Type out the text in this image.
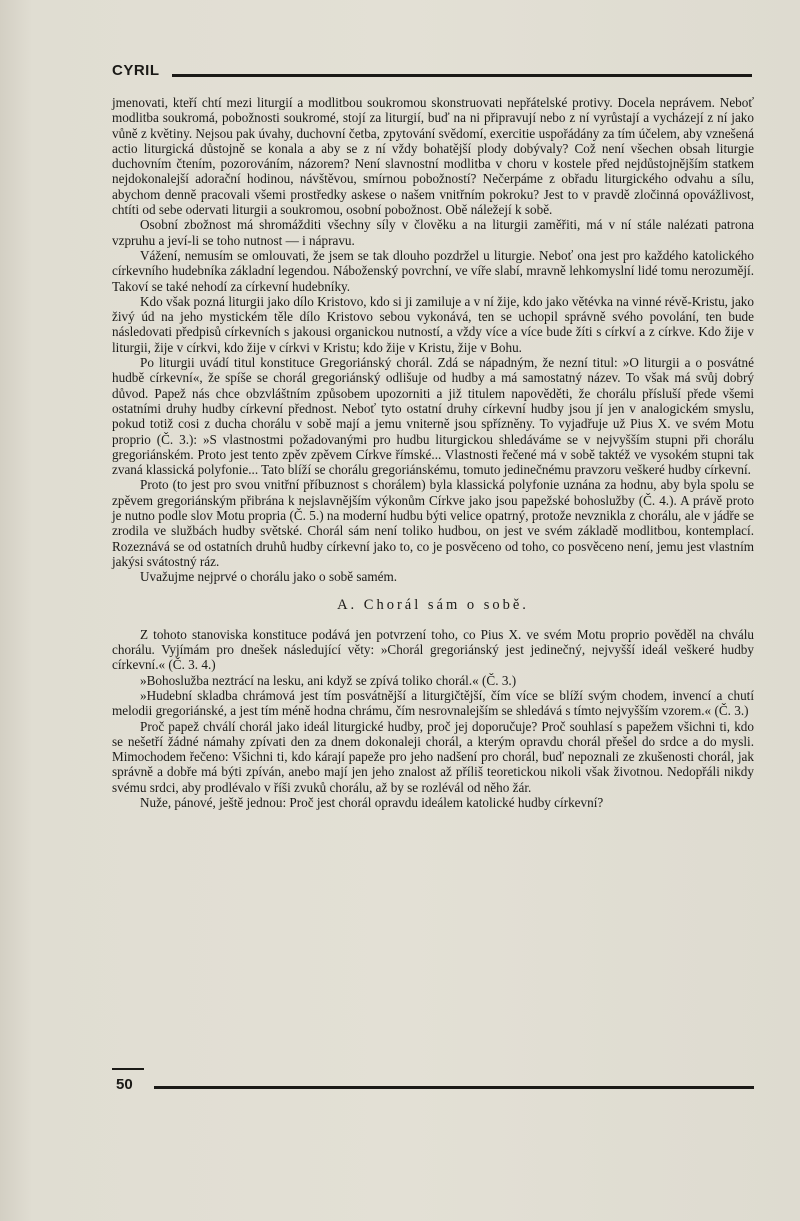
CYRIL

jmenovati, kteří chtí mezi liturgií a modlitbou soukromou skonstruovati nepřátelské protivy. Docela neprávem. Neboť modlitba soukromá, pobožnosti soukromé, stojí za liturgií, buď na ni připravují nebo z ní vyrůstají a vycházejí z ní jako vůně z květiny. Nejsou pak úvahy, duchovní četba, zpytování svědomí, exercitie uspořádány za tím účelem, aby vznešená actio liturgická důstojně se konala a aby se z ní vždy bohatější plody dobývaly? Což není všechen obsah liturgie duchovním čtením, pozorováním, názorem? Není slavnostní modlitba v choru v kostele před nejdůstojnějším statkem nejdokonalejší adorační hodinou, návštěvou, smírnou pobožností? Nečerpáme z obřadu liturgického odvahu a sílu, abychom denně pracovali všemi prostředky askese o našem vnitřním pokroku? Jest to v pravdě zločinná opovážlivost, chtíti od sebe odervati liturgii a soukromou, osobní pobožnost. Obě náležejí k sobě.

Osobní zbožnost má shromážditi všechny síly v člověku a na liturgii zaměřiti, má v ní stále nalézati patrona vzpruhu a jeví-li se toho nutnost — i nápravu.

Vážení, nemusím se omlouvati, že jsem se tak dlouho pozdržel u liturgie. Neboť ona jest pro každého katolického církevního hudebníka základní legendou. Náboženský povrchní, ve víře slabí, mravně lehkomyslní lidé tomu nerozumějí. Takoví se také nehodí za církevní hudebníky.

Kdo však pozná liturgii jako dílo Kristovo, kdo si ji zamiluje a v ní žije, kdo jako větévka na vinné révě-Kristu, jako živý úd na jeho mystickém těle dílo Kristovo sebou vykonává, ten se uchopil správně svého povolání, ten bude následovati předpisů církevních s jakousi organickou nutností, a vždy více a více bude žíti s církví a z církve. Kdo žije v liturgii, žije v církvi, kdo žije v církvi v Kristu; kdo žije v Kristu, žije v Bohu.

Po liturgii uvádí titul konstituce Gregoriánský chorál. Zdá se nápadným, že nezní titul: »O liturgii a o posvátné hudbě církevní«, že spíše se chorál gregoriánský odlišuje od hudby a má samostatný název. To však má svůj dobrý důvod. Papež nás chce obzvláštním způsobem upozorniti a již titulem napověděti, že chorálu přísluší přede všemi ostatními druhy hudby církevní přednost. Neboť tyto ostatní druhy církevní hudby jsou jí jen v analogickém smyslu, pokud totiž cosi z ducha chorálu v sobě mají a jemu vniterně jsou spřízněny. To vyjadřuje už Pius X. ve svém Motu proprio (Č. 3.): »S vlastnostmi požadovanými pro hudbu liturgickou shledáváme se v nejvyšším stupni při chorálu gregoriánském. Proto jest tento zpěv zpěvem Církve římské... Vlastnosti řečené má v sobě taktéž ve vysokém stupni tak zvaná klassická polyfonie... Tato blíží se chorálu gregoriánskému, tomuto jedinečnému pravzoru veškeré hudby církevní.

Proto (to jest pro svou vnitřní příbuznost s chorálem) byla klassická polyfonie uznána za hodnu, aby byla spolu se zpěvem gregoriánským přibrána k nejslavnějším výkonům Církve jako jsou papežské bohoslužby (Č. 4.). A právě proto je nutno podle slov Motu propria (Č. 5.) na moderní hudbu býti velice opatrný, protože nevznikla z chorálu, ale v jádře se zrodila ve službách hudby světské. Chorál sám není toliko hudbou, on jest ve svém základě modlitbou, kontemplací. Rozeznává se od ostatních druhů hudby církevní jako to, co je posvěceno od toho, co posvěceno není, jemu jest vlastním jakýsi svátostný ráz.

Uvažujme nejprvé o chorálu jako o sobě samém.

A. Chorál sám o sobě.

Z tohoto stanoviska konstituce podává jen potvrzení toho, co Pius X. ve svém Motu proprio pověděl na chválu chorálu. Vyjímám pro dnešek následující věty: »Chorál gregoriánský jest jedinečný, nejvyšší ideál veškeré hudby církevní.« (Č. 3. 4.)

»Bohoslužba neztrácí na lesku, ani když se zpívá toliko chorál.« (Č. 3.)

»Hudební skladba chrámová jest tím posvátnější a liturgičtější, čím více se blíží svým chodem, invencí a chutí melodii gregoriánské, a jest tím méně hodna chrámu, čím nesrovnalejším se shledává s tímto nejvyšším vzorem.« (Č. 3.)

Proč papež chválí chorál jako ideál liturgické hudby, proč jej doporučuje? Proč souhlasí s papežem všichni ti, kdo se nešetří žádné námahy zpívati den za dnem dokonaleji chorál, a kterým opravdu chorál přešel do srdce a do mysli. Mimochodem řečeno: Všichni ti, kdo kárají papeže pro jeho nadšení pro chorál, buď nepoznali ze zkušenosti chorál, jak správně a dobře má býti zpíván, anebo mají jen jeho znalost až příliš teoretickou nikoli však životnou. Nedopřáli nikdy svému srdci, aby prodlévalo v říši zvuků chorálu, až by se rozlévál od něho žár.

Nuže, pánové, ještě jednou: Proč jest chorál opravdu ideálem katolické hudby církevní?

50
